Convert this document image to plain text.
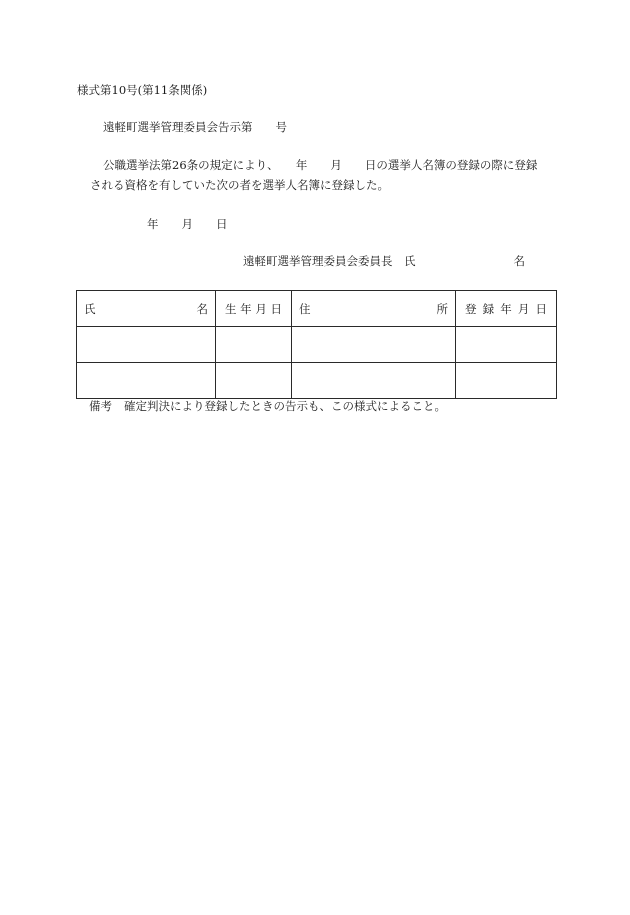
様式第10号(第11条関係)
遠軽町選挙管理委員会告示第　　号
公職選挙法第26条の規定により、　　年　　月　　日の選挙人名簿の登録の際に登録
される資格を有していた次の者を選挙人名簿に登録した。
年　　月　　日
遠軽町選挙管理委員会委員長　氏	名
氏 名	生 年 月 日	住 所	登 録 年 月 日

備考 確定判決により登録したときの告示も、この様式によること。
